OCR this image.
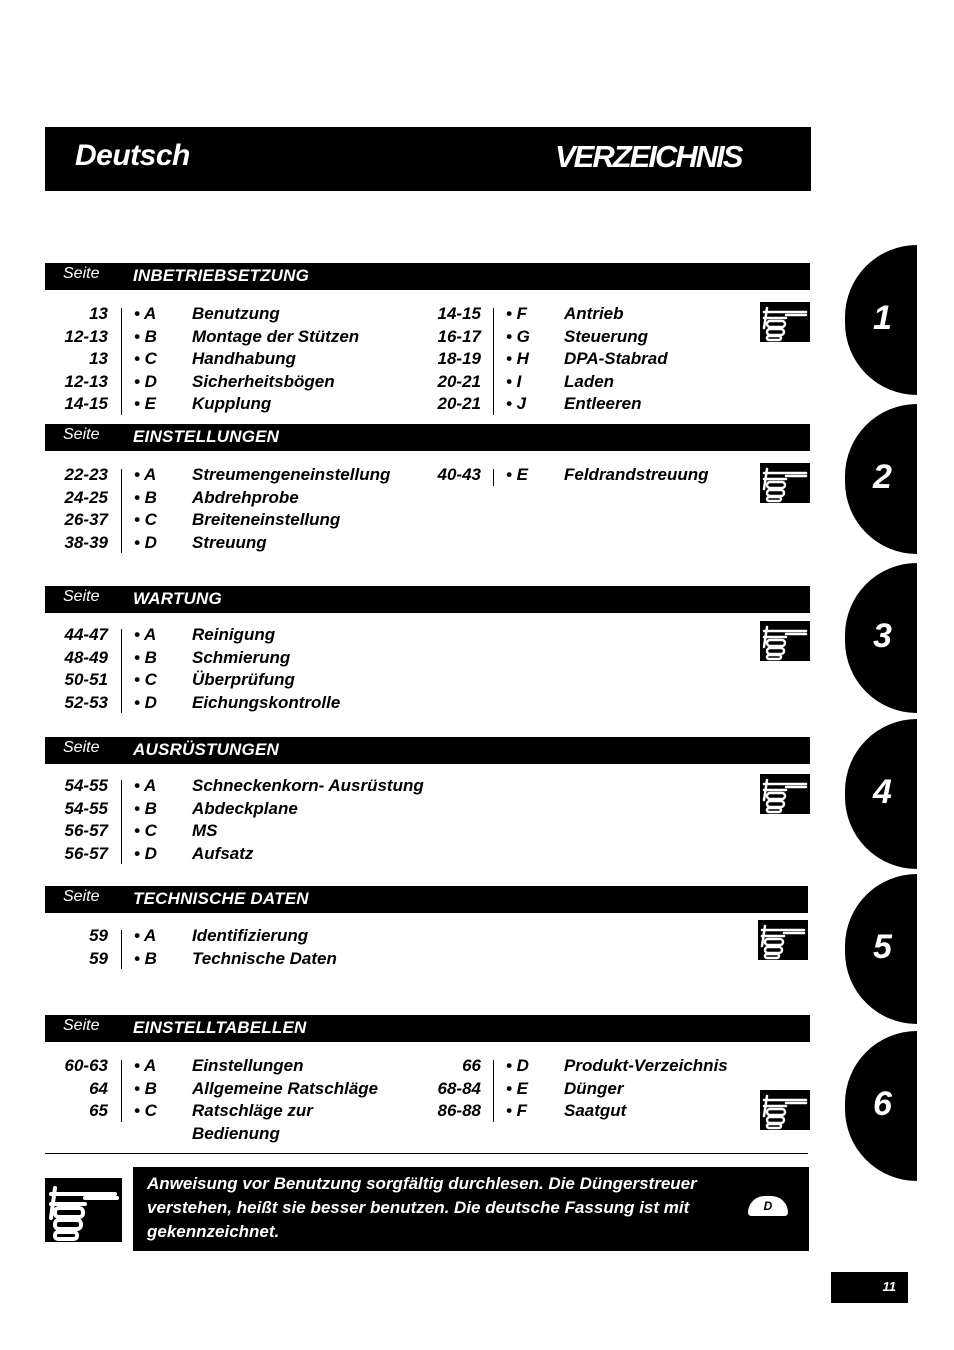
Deutsch	VERZEICHNIS
Seite INBETRIEBSETZUNG
13 • A Benutzung
12-13 • B Montage der Stützen
13 • C Handhabung
12-13 • D Sicherheitsbögen
14-15 • E Kupplung
14-15 • F Antrieb
16-17 • G Steuerung
18-19 • H DPA-Stabrad
20-21 • I	Laden
20-21 • J Entleeren
Seite EINSTELLUNGEN
22-23 • A Streumengeneinstellung
24-25 • B Abdrehprobe
26-37 • C Breiteneinstellung
38-39 • D Streuung
40-43 • E Feldrandstreuung
Seite WARTUNG
44-47 • A Reinigung
48-49 • B Schmierung
50-51 • C Überprüfung
52-53 • D Eichungskontrolle
Seite AUSRÜSTUNGEN
54-55 • A Schneckenkorn- Ausrüstung
54-55 • B Abdeckplane
56-57 • C MS
56-57 • D Aufsatz
Seite TECHNISCHE DATEN
59 • A Identifizierung
59 • B Technische Daten
Seite EINSTELLTABELLEN
60-63 • A Einstellungen
64 • B Allgemeine Ratschläge
65 • C Ratschläge zur
Bedienung
66 • D Produkt-Verzeichnis
68-84 • E Dünger
86-88 • F Saatgut
1
2
3
4
5
6
Anweisung vor Benutzung sorgfältig durchlesen. Die Düngerstreuer verstehen, heißt sie besser benutzen. Die deutsche Fassung ist mit gekennzeichnet.
D
11
